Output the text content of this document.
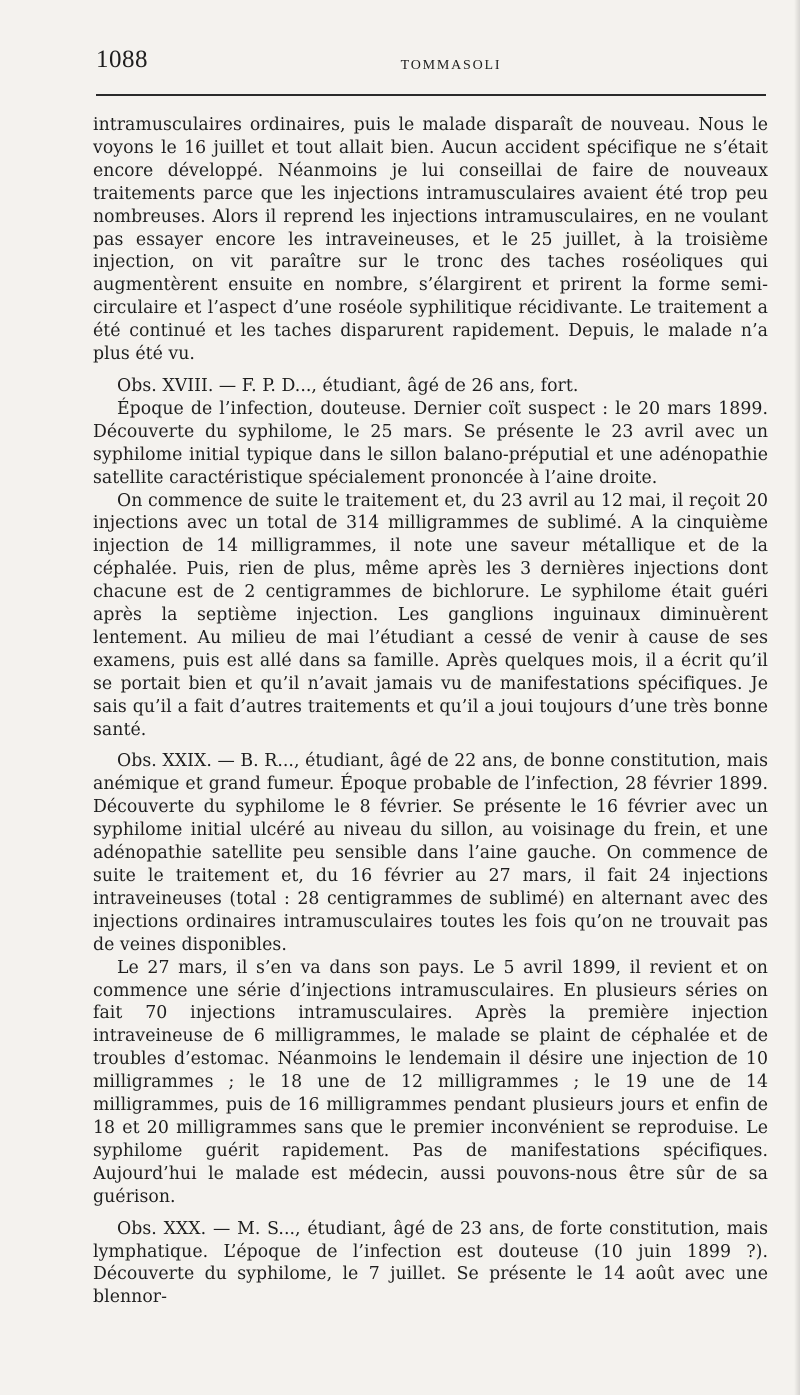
1088	TOMMASOLI

intramusculaires ordinaires, puis le malade disparaît de nouveau. Nous le voyons le 16 juillet et tout allait bien. Aucun accident spécifique ne s’était encore développé. Néanmoins je lui conseillai de faire de nouveaux traitements parce que les injections intramusculaires avaient été trop peu nombreuses. Alors il reprend les injections intramusculaires, en ne voulant pas essayer encore les intraveineuses, et le 25 juillet, à la troisième injection, on vit paraître sur le tronc des taches roséoliques qui augmentèrent ensuite en nombre, s’élargirent et prirent la forme semi-circulaire et l’aspect d’une roséole syphilitique récidivante. Le traitement a été continué et les taches disparurent rapidement. Depuis, le malade n’a plus été vu.

Obs. XVIII. — F. P. D..., étudiant, âgé de 26 ans, fort.

Époque de l’infection, douteuse. Dernier coït suspect : le 20 mars 1899. Découverte du syphilome, le 25 mars. Se présente le 23 avril avec un syphilome initial typique dans le sillon balano-préputial et une adénopathie satellite caractéristique spécialement prononcée à l’aine droite.

On commence de suite le traitement et, du 23 avril au 12 mai, il reçoit 20 injections avec un total de 314 milligrammes de sublimé. A la cinquième injection de 14 milligrammes, il note une saveur métallique et de la céphalée. Puis, rien de plus, même après les 3 dernières injections dont chacune est de 2 centigrammes de bichlorure. Le syphilome était guéri après la septième injection. Les ganglions inguinaux diminuèrent lentement. Au milieu de mai l’étudiant a cessé de venir à cause de ses examens, puis est allé dans sa famille. Après quelques mois, il a écrit qu’il se portait bien et qu’il n’avait jamais vu de manifestations spécifiques. Je sais qu’il a fait d’autres traitements et qu’il a joui toujours d’une très bonne santé.

Obs. XXIX. — B. R..., étudiant, âgé de 22 ans, de bonne constitution, mais anémique et grand fumeur. Époque probable de l’infection, 28 février 1899. Découverte du syphilome le 8 février. Se présente le 16 février avec un syphilome initial ulcéré au niveau du sillon, au voisinage du frein, et une adénopathie satellite peu sensible dans l’aine gauche. On commence de suite le traitement et, du 16 février au 27 mars, il fait 24 injections intraveineuses (total : 28 centigrammes de sublimé) en alternant avec des injections ordinaires intramusculaires toutes les fois qu’on ne trouvait pas de veines disponibles.

Le 27 mars, il s’en va dans son pays. Le 5 avril 1899, il revient et on commence une série d’injections intramusculaires. En plusieurs séries on fait 70 injections intramusculaires. Après la première injection intraveineuse de 6 milligrammes, le malade se plaint de céphalée et de troubles d’estomac. Néanmoins le lendemain il désire une injection de 10 milligrammes ; le 18 une de 12 milligrammes ; le 19 une de 14 milligrammes, puis de 16 milligrammes pendant plusieurs jours et enfin de 18 et 20 milligrammes sans que le premier inconvénient se reproduise. Le syphilome guérit rapidement. Pas de manifestations spécifiques. Aujourd’hui le malade est médecin, aussi pouvons-nous être sûr de sa guérison.

Obs. XXX. — M. S..., étudiant, âgé de 23 ans, de forte constitution, mais lymphatique. L’époque de l’infection est douteuse (10 juin 1899 ?). Découverte du syphilome, le 7 juillet. Se présente le 14 août avec une blennor-
